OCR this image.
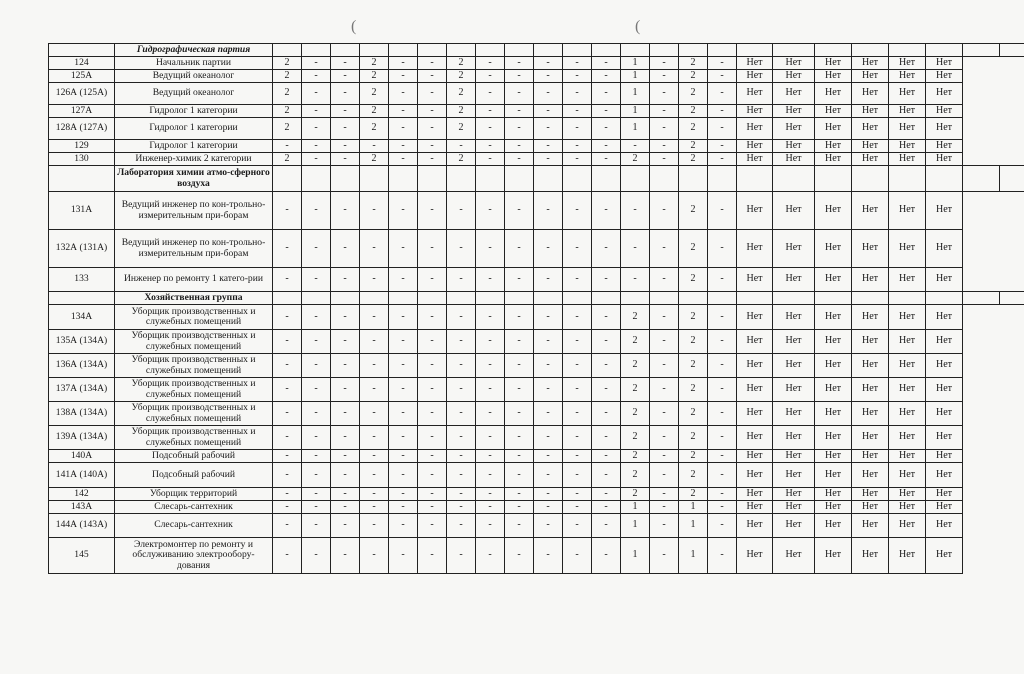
(	(
	Гидрографическая партия																								
124	Начальник партии	2	-	-	2	-	-	2	-	-	-	-	-	1	-	2	-	Нет	Нет	Нет	Нет	Нет	Нет		
125А	Ведущий океанолог	2	-	-	2	-	-	2	-	-	-	-	-	1	-	2	-	Нет	Нет	Нет	Нет	Нет	Нет		
126А (125А)	Ведущий океанолог	2	-	-	2	-	-	2	-	-	-	-	-	1	-	2	-	Нет	Нет	Нет	Нет	Нет	Нет		
127А	Гидролог 1 категории	2	-	-	2	-	-	2	-	-	-	-	-	1	-	2	-	Нет	Нет	Нет	Нет	Нет	Нет		
128А (127А)	Гидролог 1 категории	2	-	-	2	-	-	2	-	-	-	-	-	1	-	2	-	Нет	Нет	Нет	Нет	Нет	Нет		
129	Гидролог 1 категории	-	-	-	-	-	-	-	-	-	-	-	-	-	-	2	-	Нет	Нет	Нет	Нет	Нет	Нет		
130	Инженер-химик 2 категории	2	-	-	2	-	-	2	-	-	-	-	-	2	-	2	-	Нет	Нет	Нет	Нет	Нет	Нет		
	Лаборатория химии атмо-сферного воздуха																								
131А	Ведущий инженер по кон-трольно-измерительным при-борам	-	-	-	-	-	-	-	-	-	-	-	-	-	-	2	-	Нет	Нет	Нет	Нет	Нет	Нет		
132А (131А)	Ведущий инженер по кон-трольно-измерительным при-борам	-	-	-	-	-	-	-	-	-	-	-	-	-	-	2	-	Нет	Нет	Нет	Нет	Нет	Нет		
133	Инженер по ремонту 1 катего-рии	-	-	-	-	-	-	-	-	-	-	-	-	-	-	2	-	Нет	Нет	Нет	Нет	Нет	Нет		
	Хозяйственная группа																								
134А	Уборщик производственных и служебных помещений	-	-	-	-	-	-	-	-	-	-	-	-	2	-	2	-	Нет	Нет	Нет	Нет	Нет	Нет		
135А (134А)	Уборщик производственных и служебных помещений	-	-	-	-	-	-	-	-	-	-	-	-	2	-	2	-	Нет	Нет	Нет	Нет	Нет	Нет		
136А (134А)	Уборщик производственных и служебных помещений	-	-	-	-	-	-	-	-	-	-	-	-	2	-	2	-	Нет	Нет	Нет	Нет	Нет	Нет		
137А (134А)	Уборщик производственных и служебных помещений	-	-	-	-	-	-	-	-	-	-	-	-	2	-	2	-	Нет	Нет	Нет	Нет	Нет	Нет		
138А (134А)	Уборщик производственных и служебных помещений	-	-	-	-	-	-	-	-	-	-	-	-	2	-	2	-	Нет	Нет	Нет	Нет	Нет	Нет		
139А (134А)	Уборщик производственных и служебных помещений	-	-	-	-	-	-	-	-	-	-	-	-	2	-	2	-	Нет	Нет	Нет	Нет	Нет	Нет		
140А	Подсобный рабочий	-	-	-	-	-	-	-	-	-	-	-	-	2	-	2	-	Нет	Нет	Нет	Нет	Нет	Нет		
141А (140А)	Подсобный рабочий	-	-	-	-	-	-	-	-	-	-	-	-	2	-	2	-	Нет	Нет	Нет	Нет	Нет	Нет		
142	Уборщик территорий	-	-	-	-	-	-	-	-	-	-	-	-	2	-	2	-	Нет	Нет	Нет	Нет	Нет	Нет		
143А	Слесарь-сантехник	-	-	-	-	-	-	-	-	-	-	-	-	1	-	1	-	Нет	Нет	Нет	Нет	Нет	Нет		
144А (143А)	Слесарь-сантехник	-	-	-	-	-	-	-	-	-	-	-	-	1	-	1	-	Нет	Нет	Нет	Нет	Нет	Нет		
145	Электромонтер по ремонту и обслуживанию электрообору-дования	-	-	-	-	-	-	-	-	-	-	-	-	1	-	1	-	Нет	Нет	Нет	Нет	Нет	Нет		
